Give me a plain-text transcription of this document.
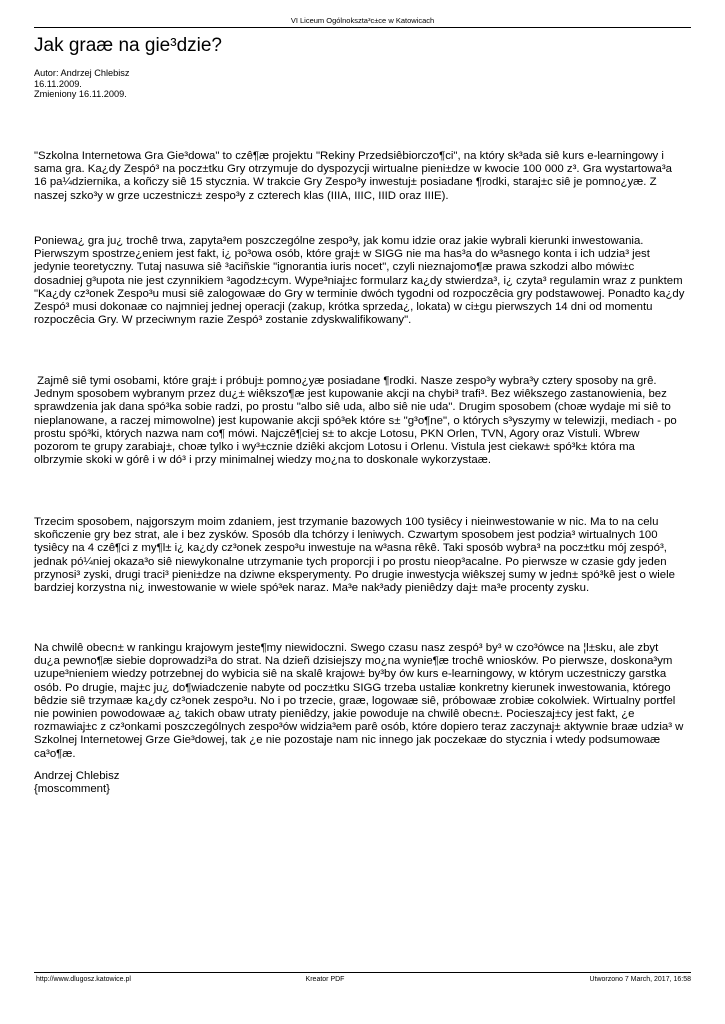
VI Liceum Ogólnokszta³c±ce w Katowicach
Jak graæ na gie³dzie?
Autor: Andrzej Chlebisz
16.11.2009.
Zmieniony 16.11.2009.

"Szkolna Internetowa Gra Gie³dowa" to czê¶æ projektu "Rekiny Przedsiêbiorczo¶ci", na który sk³ada siê kurs e-learningowy i sama gra. Ka¿dy Zespó³ na pocz±tku Gry otrzymuje do dyspozycji wirtualne pieni±dze w kwocie 100 000 z³. Gra wystartowa³a 16 pa¼dziernika, a koñczy siê 15 stycznia. W trakcie Gry Zespo³y inwestuj± posiadane ¶rodki, staraj±c siê je pomno¿yæ. Z naszej szko³y w grze uczestnicz± zespo³y z czterech klas (IIIA, IIIC, IIID oraz IIIE).

Poniewa¿ gra ju¿ trochê trwa, zapyta³em poszczególne zespo³y, jak komu idzie oraz jakie wybrali kierunki inwestowania. Pierwszym spostrze¿eniem jest fakt, i¿ po³owa osób, które graj± w SIGG nie ma has³a do w³asnego konta i ich udzia³ jest jedynie teoretyczny. Tutaj nasuwa siê ³aciñskie "ignorantia iuris nocet", czyli nieznajomo¶æ prawa szkodzi albo mówi±c dosadniej g³upota nie jest czynnikiem ³agodz±cym. Wype³niaj±c formularz ka¿dy stwierdza³, i¿ czyta³ regulamin wraz z punktem "Ka¿dy cz³onek Zespo³u musi siê zalogowaæ do Gry w terminie dwóch tygodni od rozpoczêcia gry podstawowej. Ponadto ka¿dy Zespó³ musi dokonaæ co najmniej jednej operacji (zakup, krótka sprzeda¿, lokata) w ci±gu pierwszych 14 dni od momentu rozpoczêcia Gry. W przeciwnym razie Zespó³ zostanie zdyskwalifikowany".

Zajmê siê tymi osobami, które graj± i próbuj± pomno¿yæ posiadane ¶rodki. Nasze zespo³y wybra³y cztery sposoby na grê. Jednym sposobem wybranym przez du¿± wiêkszo¶æ jest kupowanie akcji na chybi³ trafi³. Bez wiêkszego zastanowienia, bez sprawdzenia jak dana spó³ka sobie radzi, po prostu "albo siê uda, albo siê nie uda". Drugim sposobem (choæ wydaje mi siê to nieplanowane, a raczej mimowolne) jest kupowanie akcji spó³ek które s± "g³o¶ne", o których s³yszymy w telewizji, mediach - po prostu spó³ki, których nazwa nam co¶ mówi. Najczê¶ciej s± to akcje Lotosu, PKN Orlen, TVN, Agory oraz Vistuli. Wbrew pozorom te grupy zarabiaj±, choæ tylko i wy³±cznie dziêki akcjom Lotosu i Orlenu. Vistula jest ciekaw± spó³k± która ma olbrzymie skoki w górê i w dó³ i przy minimalnej wiedzy mo¿na to doskonale wykorzystaæ.

Trzecim sposobem, najgorszym moim zdaniem, jest trzymanie bazowych 100 tysiêcy i nieinwestowanie w nic. Ma to na celu skoñczenie gry bez strat, ale i bez zysków. Sposób dla tchórzy i leniwych. Czwartym sposobem jest podzia³ wirtualnych 100 tysiêcy na 4 czê¶ci z my¶l± i¿ ka¿dy cz³onek zespo³u inwestuje na w³asna rêkê. Taki sposób wybra³ na pocz±tku mój zespó³, jednak pó¼niej okaza³o siê niewykonalne utrzymanie tych proporcji i po prostu nieop³acalne. Po pierwsze w czasie gdy jeden przynosi³ zyski, drugi traci³ pieni±dze na dziwne eksperymenty. Po drugie inwestycja wiêkszej sumy w jedn± spó³kê jest o wiele bardziej korzystna ni¿ inwestowanie w wiele spó³ek naraz. Ma³e nak³ady pieniêdzy daj± ma³e procenty zysku.

Na chwilê obecn± w rankingu krajowym jeste¶my niewidoczni. Swego czasu nasz zespó³ by³ w czo³ówce na ¦l±sku, ale zbyt du¿a pewno¶æ siebie doprowadzi³a do strat. Na dzieñ dzisiejszy mo¿na wynie¶æ trochê wniosków. Po pierwsze, doskona³ym uzupe³nieniem wiedzy potrzebnej do wybicia siê na skalê krajow± by³by ów kurs e-learningowy, w którym uczestniczy garstka osób. Po drugie, maj±c ju¿ do¶wiadczenie nabyte od pocz±tku SIGG trzeba ustaliæ konkretny kierunek inwestowania, którego bêdzie siê trzymaæ ka¿dy cz³onek zespo³u. No i po trzecie, graæ, logowaæ siê, próbowaæ zrobiæ cokolwiek. Wirtualny portfel nie powinien powodowaæ a¿ takich obaw utraty pieniêdzy, jakie powoduje na chwilê obecn±. Pocieszaj±cy jest fakt, ¿e rozmawiaj±c z cz³onkami poszczególnych zespo³ów widzia³em parê osób, które dopiero teraz zaczynaj± aktywnie braæ udzia³ w Szkolnej Internetowej Grze Gie³dowej, tak ¿e nie pozostaje nam nic innego jak poczekaæ do stycznia i wtedy podsumowaæ ca³o¶æ.

Andrzej Chlebisz
{moscomment}
http://www.dlugosz.katowice.pl	Kreator PDF	Utworzono 7 March, 2017, 16:58
